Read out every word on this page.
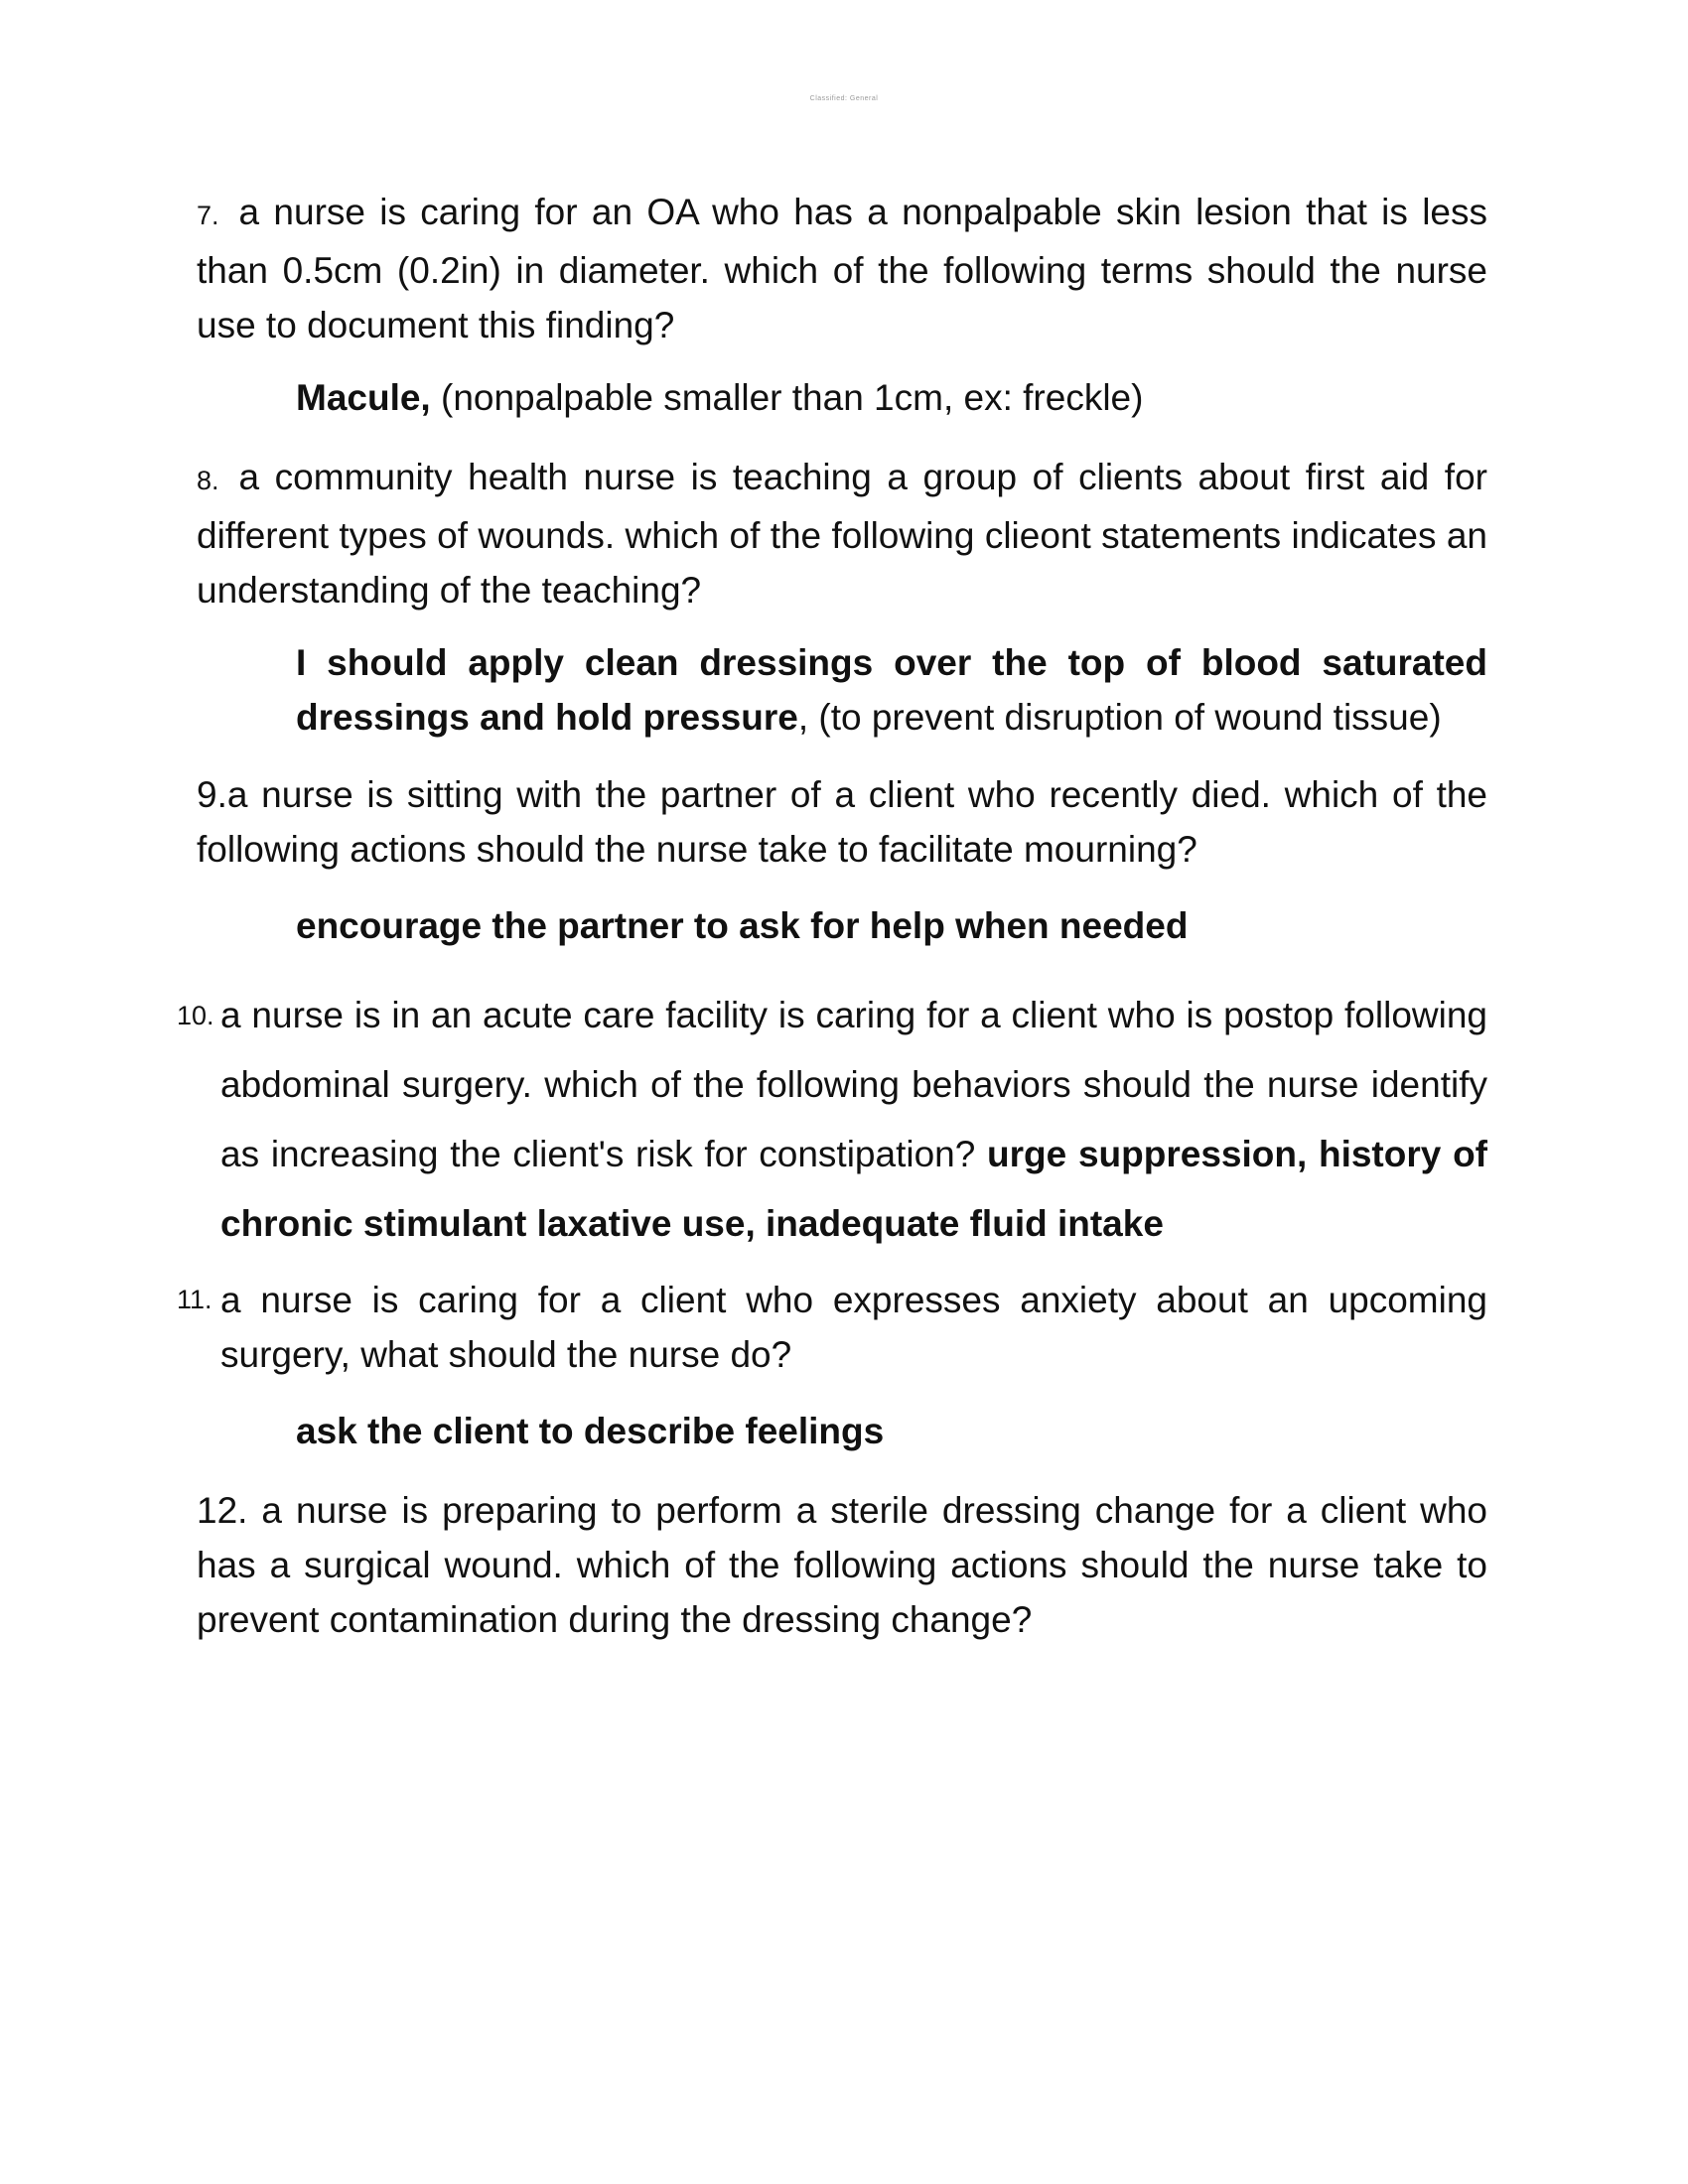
Classified: General
7. a nurse is caring for an OA who has a nonpalpable skin lesion that is less than 0.5cm (0.2in) in diameter. which of the following terms should the nurse use to document this finding?
Macule, (nonpalpable smaller than 1cm, ex: freckle)
8. a community health nurse is teaching a group of clients about first aid for different types of wounds. which of the following clieont statements indicates an understanding of the teaching?
I should apply clean dressings over the top of blood saturated dressings and hold pressure, (to prevent disruption of wound tissue)
9.a nurse is sitting with the partner of a client who recently died. which of the following actions should the nurse take to facilitate mourning?
encourage the partner to ask for help when needed
10. a nurse is in an acute care facility is caring for a client who is postop following abdominal surgery. which of the following behaviors should the nurse identify as increasing the client's risk for constipation? urge suppression, history of chronic stimulant laxative use, inadequate fluid intake
11. a nurse is caring for a client who expresses anxiety about an upcoming surgery, what should the nurse do?
ask the client to describe feelings
12. a nurse is preparing to perform a sterile dressing change for a client who has a surgical wound. which of the following actions should the nurse take to prevent contamination during the dressing change?
